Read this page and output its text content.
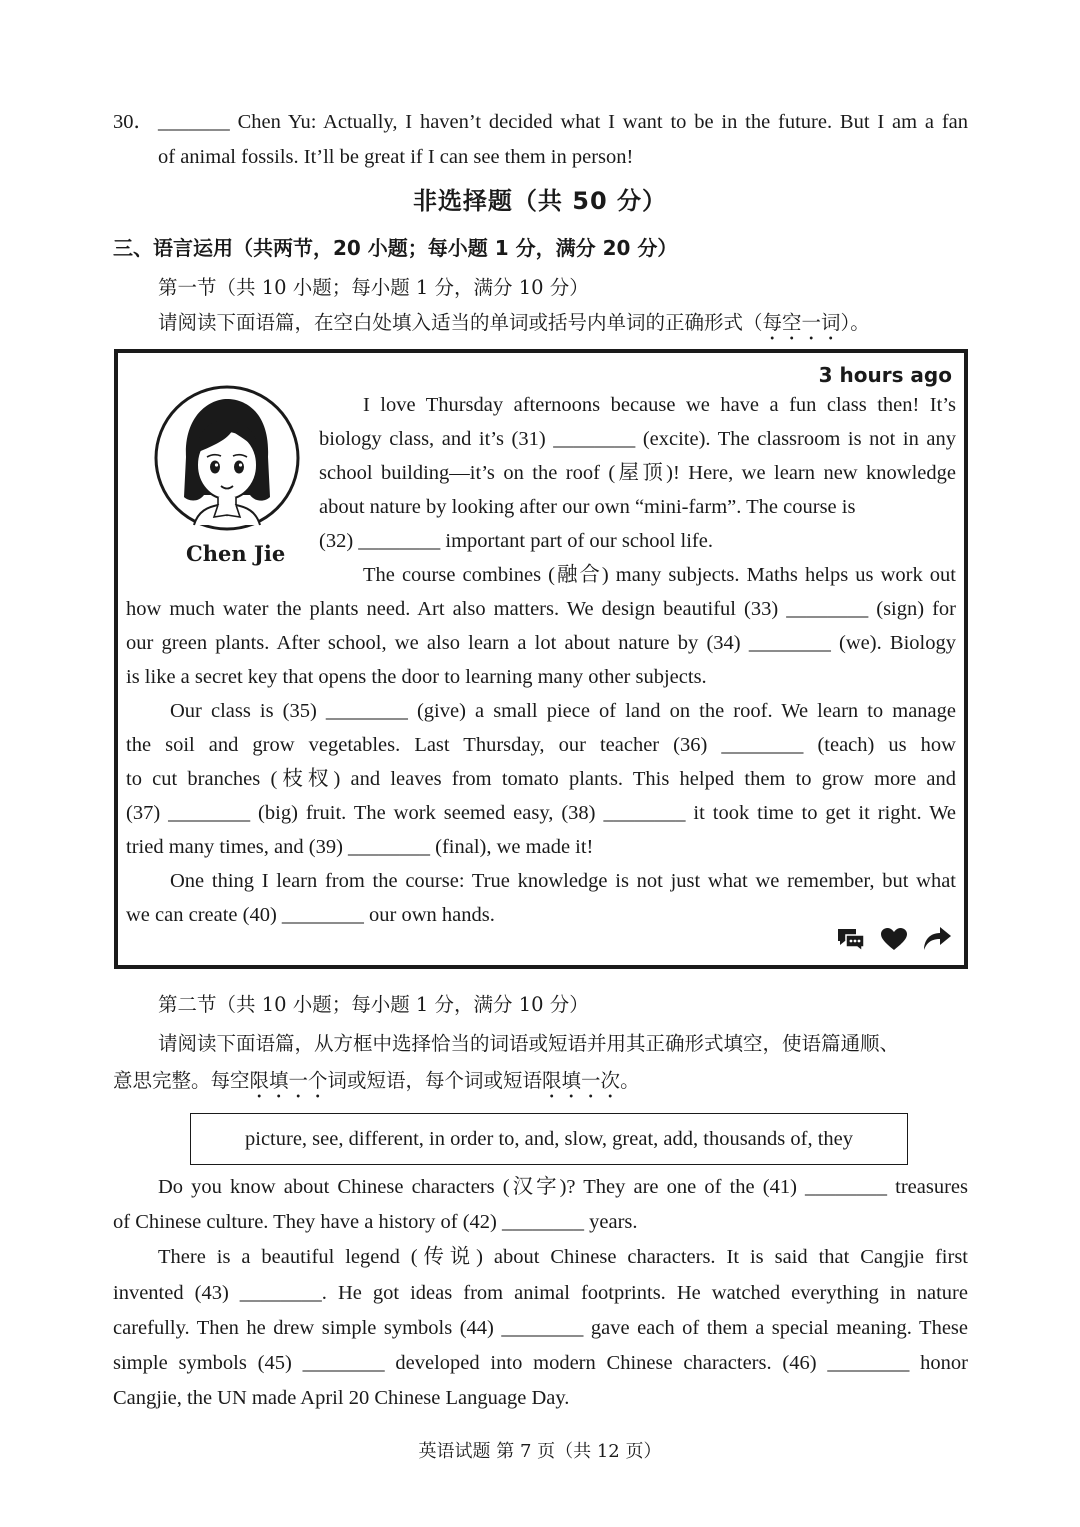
30． _______ Chen Yu: Actually, I haven’t decided what I want to be in the future. But I am a fan
of animal fossils. It’ll be great if I can see them in person!
非选择题（共 50 分）
三、语言运用（共两节，20 小题；每小题 1 分，满分 20 分）
第一节（共 10 小题；每小题 1 分，满分 10 分）
请阅读下面语篇，在空白处填入适当的单词或括号内单词的正确形式（每空一词）。
3 hours ago
Chen Jie
I love Thursday afternoons because we have a fun class then! It’s
biology class, and it’s (31) ________ (excite). The classroom is not in any
school building—it’s on the roof (屋顶)! Here, we learn new knowledge
about nature by looking after our own “mini-farm”. The course is
(32) ________ important part of our school life.
The course combines (融合) many subjects. Maths helps us work out
how much water the plants need. Art also matters. We design beautiful (33) ________ (sign) for
our green plants. After school, we also learn a lot about nature by (34) ________ (we). Biology
is like a secret key that opens the door to learning many other subjects.
Our class is (35) ________ (give) a small piece of land on the roof. We learn to manage
the soil and grow vegetables. Last Thursday, our teacher (36) ________ (teach) us how
to cut branches (枝杈) and leaves from tomato plants. This helped them to grow more and
(37) ________ (big) fruit. The work seemed easy, (38) ________ it took time to get it right. We
tried many times, and (39) ________ (final), we made it!
One thing I learn from the course: True knowledge is not just what we remember, but what
we can create (40) ________ our own hands.
第二节（共 10 小题；每小题 1 分，满分 10 分）
请阅读下面语篇，从方框中选择恰当的词语或短语并用其正确形式填空，使语篇通顺、
意思完整。每空限填一个词或短语，每个词或短语限填一次。
picture, see, different, in order to, and, slow, great, add, thousands of, they
Do you know about Chinese characters (汉字)? They are one of the (41) ________ treasures
of Chinese culture. They have a history of (42) ________ years.
There is a beautiful legend (传说) about Chinese characters. It is said that Cangjie first
invented (43) ________. He got ideas from animal footprints. He watched everything in nature
carefully. Then he drew simple symbols (44) ________ gave each of them a special meaning. These
simple symbols (45) ________ developed into modern Chinese characters. (46) ________ honor
Cangjie, the UN made April 20 Chinese Language Day.
英语试题 第 7 页（共 12 页）
